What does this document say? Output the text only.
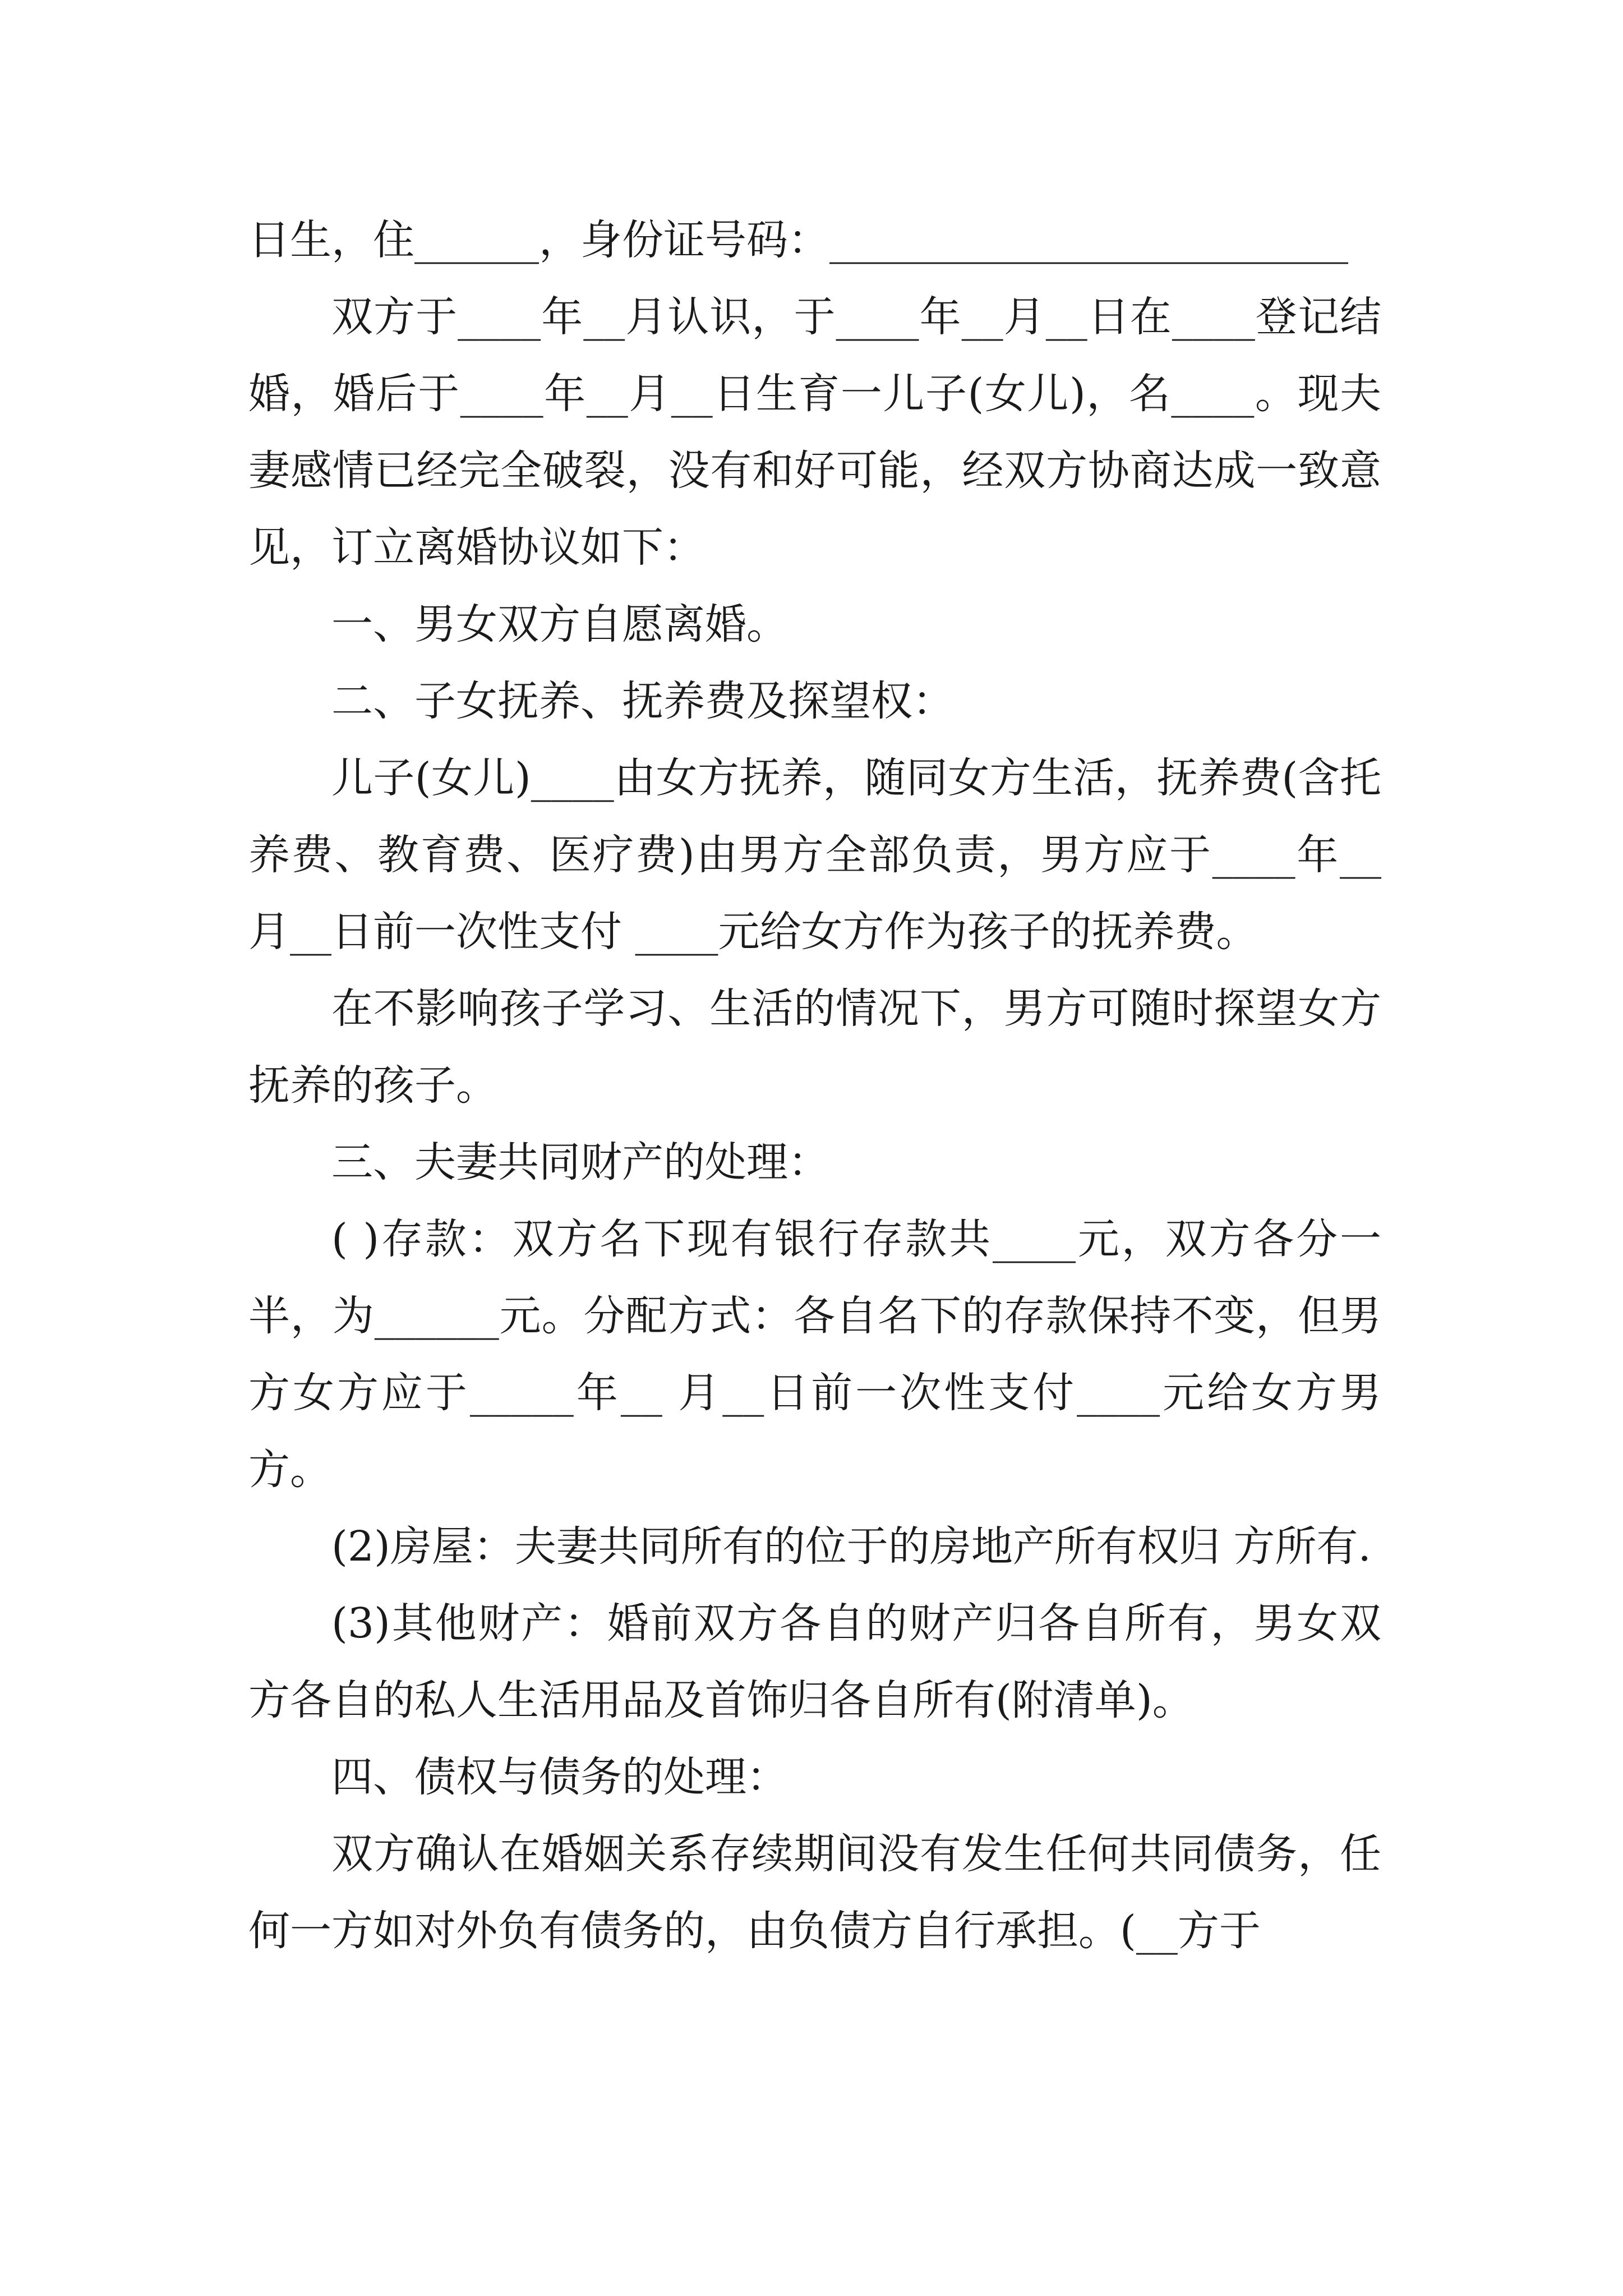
日生，住______，身份证号码：_________________________

双方于____年__月认识，于____年__月__日在____登记结婚，婚后于____年__月__日生育一儿子(女儿)，名____。现夫妻感情已经完全破裂，没有和好可能，经双方协商达成一致意见，订立离婚协议如下：

一、男女双方自愿离婚。

二、子女抚养、抚养费及探望权：

儿子(女儿)____由女方抚养，随同女方生活，抚养费(含托养费、教育费、医疗费)由男方全部负责，男方应于____年__月__日前一次性支付 ____元给女方作为孩子的抚养费。

在不影响孩子学习、生活的情况下，男方可随时探望女方抚养的孩子。

三、夫妻共同财产的处理：

( )存款：双方名下现有银行存款共____元，双方各分一半，为______元。分配方式：各自名下的存款保持不变，但男方女方应于_____年__ 月__日前一次性支付____元给女方男方。

(2)房屋：夫妻共同所有的位于的房地产所有权归 方所有.

(3)其他财产：婚前双方各自的财产归各自所有，男女双方各自的私人生活用品及首饰归各自所有(附清单)。

四、债权与债务的处理：

双方确认在婚姻关系存续期间没有发生任何共同债务，任何一方如对外负有债务的，由负债方自行承担。(__方于
